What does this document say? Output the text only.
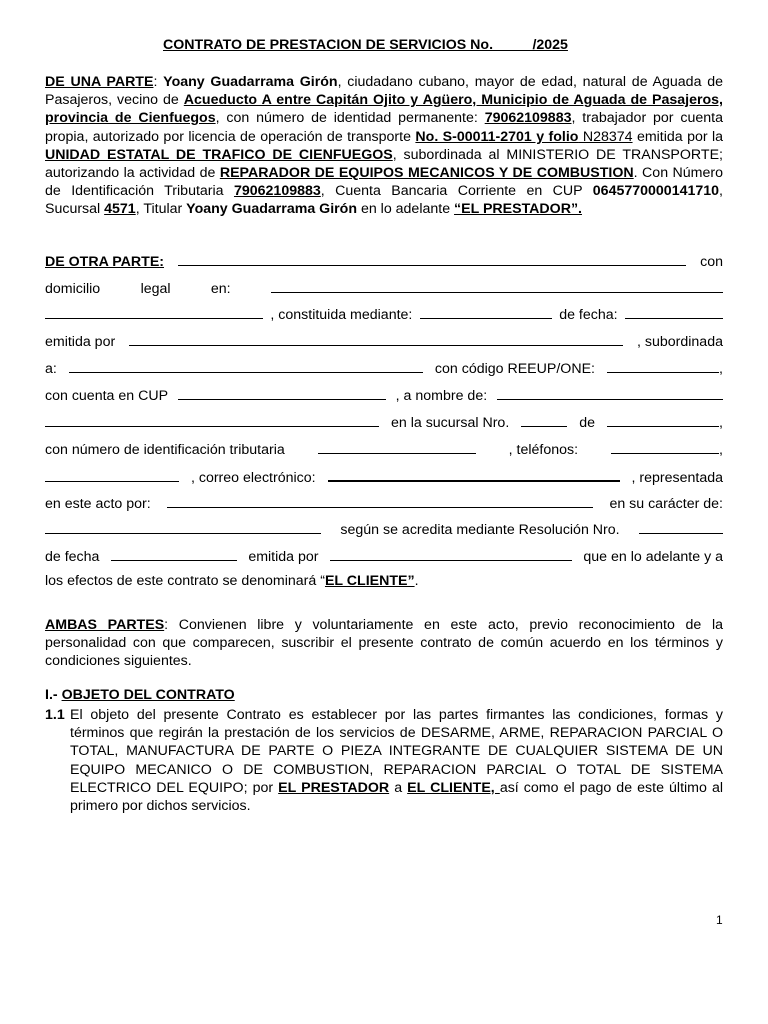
CONTRATO DE PRESTACION DE SERVICIOS No.          /2025
DE UNA PARTE: Yoany Guadarrama Girón, ciudadano cubano, mayor de edad, natural de Aguada de Pasajeros, vecino de Acueducto A entre Capitán Ojito y Agüero, Municipio de Aguada de Pasajeros, provincia de Cienfuegos, con número de identidad permanente: 79062109883, trabajador por cuenta propia, autorizado por licencia de operación de transporte No. S-00011-2701 y folio N28374 emitida por la UNIDAD ESTATAL DE TRAFICO DE CIENFUEGOS, subordinada al MINISTERIO DE TRANSPORTE; autorizando la actividad de REPARADOR DE EQUIPOS MECANICOS Y DE COMBUSTION. Con Número de Identificación Tributaria 79062109883, Cuenta Bancaria Corriente en CUP 0645770000141710, Sucursal 4571, Titular Yoany Guadarrama Girón en lo adelante “EL PRESTADOR”.
DE OTRA PARTE:	con
domicilio	legal	en:
, constituida mediante:	de fecha:
emitida por	, subordinada
a:	con código REEUP/ONE:	,
con cuenta en CUP	, a nombre de:
en la sucursal Nro.	de	,
con número de identificación tributaria	, teléfonos:	,
, correo electrónico:	, representada
en este acto por:	en su carácter de:
según se acredita mediante Resolución Nro.
de fecha	emitida por	que en lo adelante y a
los efectos de este contrato se denominará “EL CLIENTE”.
AMBAS PARTES: Convienen libre y voluntariamente en este acto, previo reconocimiento de la personalidad con que comparecen, suscribir el presente contrato de común acuerdo en los términos y condiciones siguientes.
I.- OBJETO DEL CONTRATO
1.1 El objeto del presente Contrato es establecer por las partes firmantes las condiciones, formas y términos que regirán la prestación de los servicios de DESARME, ARME, REPARACION PARCIAL O TOTAL, MANUFACTURA DE PARTE O PIEZA INTEGRANTE DE CUALQUIER SISTEMA DE UN EQUIPO MECANICO O DE COMBUSTION, REPARACION PARCIAL O TOTAL DE SISTEMA ELECTRICO DEL EQUIPO; por EL PRESTADOR a EL CLIENTE, así como el pago de este último al primero por dichos servicios.
1
